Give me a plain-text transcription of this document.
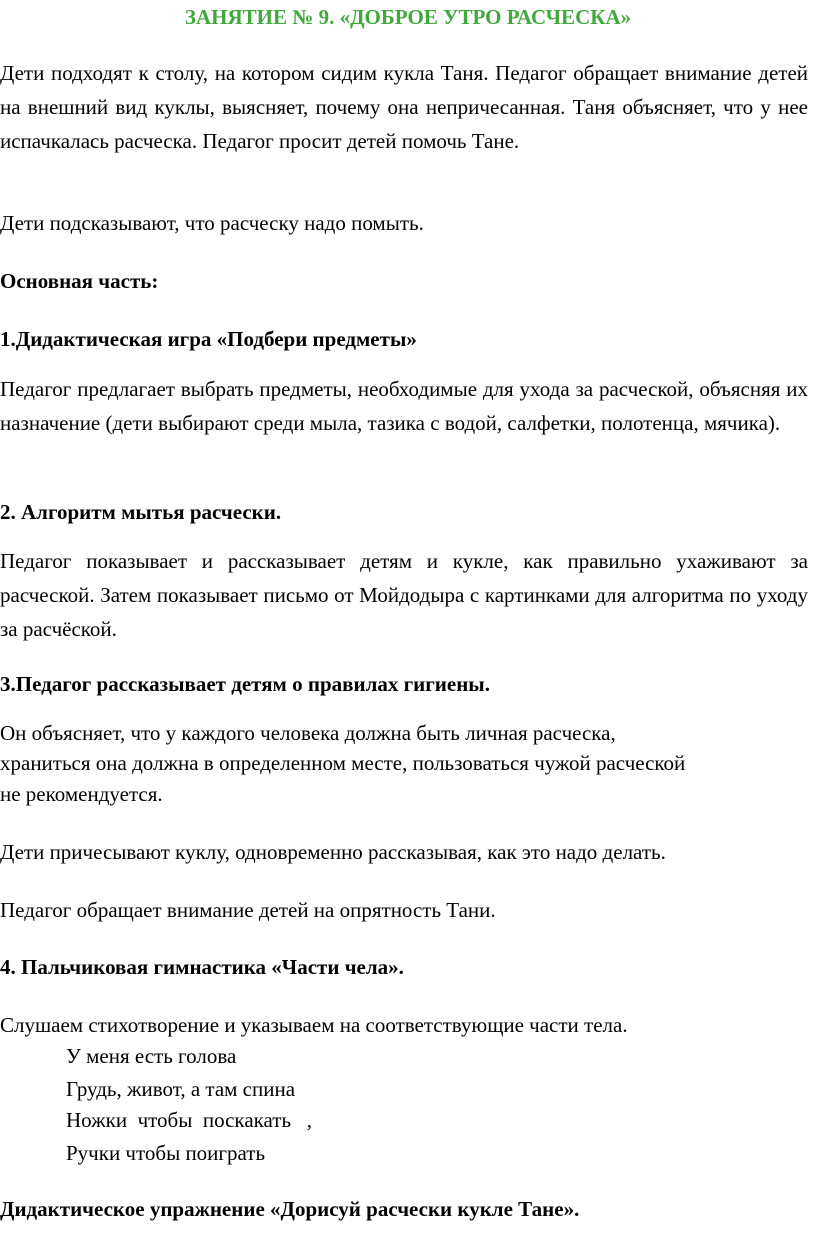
ЗАНЯТИЕ № 9. «ДОБРОЕ УТРО РАСЧЕСКА»
Дети подходят к столу, на котором сидим кукла Таня. Педагог обращает внимание детей на внешний вид куклы, выясняет, почему она непричесанная. Таня объясняет, что у нее испачкалась расческа. Педагог просит детей помочь Тане.
Дети подсказывают, что расческу надо помыть.
Основная часть:
1.Дидактическая игра «Подбери предметы»
Педагог предлагает выбрать предметы, необходимые для ухода за расческой, объясняя их назначение (дети выбирают среди мыла, тазика с водой, салфетки, полотенца, мячика).
2. Алгоритм мытья расчески.
Педагог показывает и рассказывает детям и кукле, как правильно ухаживают за расческой. Затем показывает письмо от Мойдодыра с картинками для алгоритма по уходу за расчёской.
3.Педагог рассказывает детям о правилах гигиены.
Он объясняет, что у каждого человека должна быть личная расческа,
храниться она должна в определенном месте, пользоваться чужой расческой
не рекомендуется.
Дети причесывают куклу, одновременно рассказывая, как это надо делать.
Педагог обращает внимание детей на опрятность Тани.
4. Пальчиковая гимнастика «Части чела».
Слушаем стихотворение и указываем на соответствующие части тела.
У меня есть голова
Грудь, живот, а там спина
Ножки  чтобы  поскакать   ,
Ручки чтобы поиграть
Дидактическое упражнение «Дорисуй расчески кукле Тане».
